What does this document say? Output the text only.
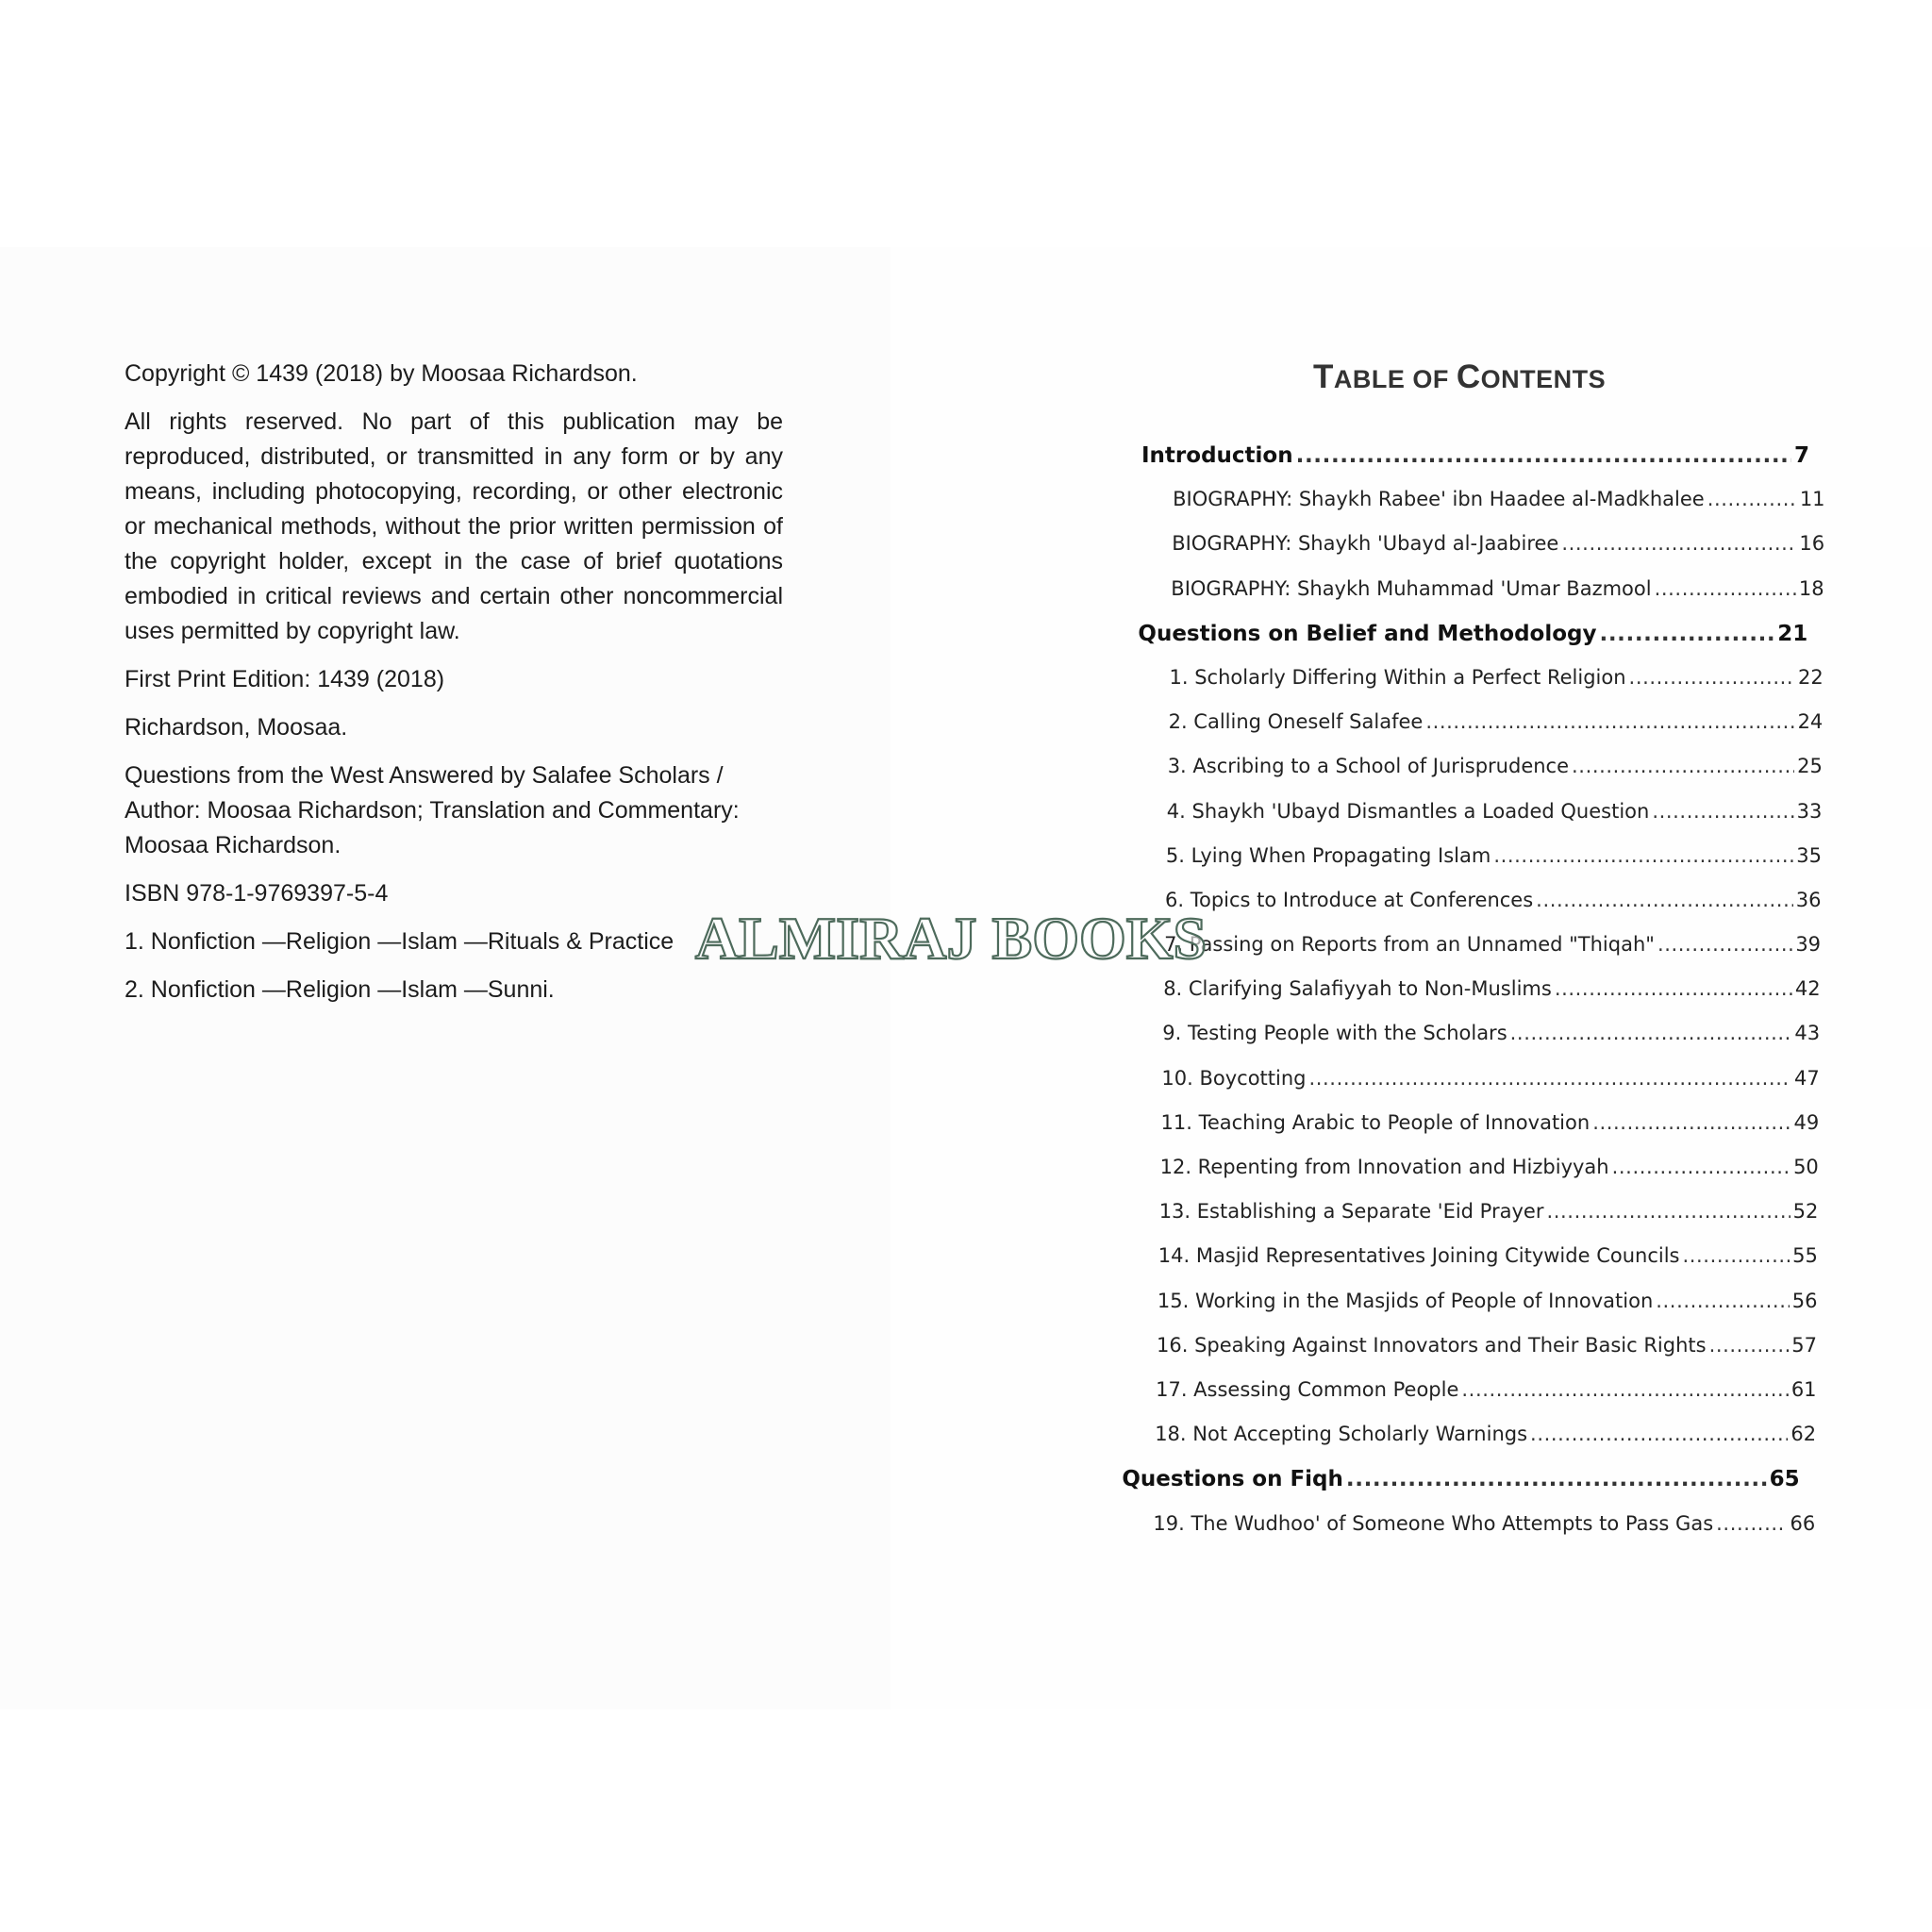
Copyright © 1439 (2018) by Moosaa Richardson.

All rights reserved. No part of this publication may be reproduced, distributed, or transmitted in any form or by any means, including photocopying, recording, or other electronic or mechanical methods, without the prior written permission of the copyright holder, except in the case of brief quotations embodied in critical reviews and certain other noncommercial uses permitted by copyright law.

First Print Edition: 1439 (2018)

Richardson, Moosaa.

Questions from the West Answered by Salafee Scholars / Author: Moosaa Richardson; Translation and Commentary: Moosaa Richardson.

ISBN 978-1-9769397-5-4

1. Nonfiction —Religion —Islam —Rituals & Practice

2. Nonfiction —Religion —Islam —Sunni.

TABLE OF CONTENTS
Introduction .....	7
BIOGRAPHY: Shaykh Rabee' ibn Haadee al-Madkhalee .....	11
BIOGRAPHY: Shaykh 'Ubayd al-Jaabiree .....	16
BIOGRAPHY: Shaykh Muhammad 'Umar Bazmool .....	18
Questions on Belief and Methodology .....	21
1. Scholarly Differing Within a Perfect Religion .....	22
2. Calling Oneself Salafee .....	24
3. Ascribing to a School of Jurisprudence .....	25
4. Shaykh 'Ubayd Dismantles a Loaded Question .....	33
5. Lying When Propagating Islam .....	35
6. Topics to Introduce at Conferences .....	36
7. Passing on Reports from an Unnamed "Thiqah" .....	39
8. Clarifying Salafiyyah to Non-Muslims .....	42
9. Testing People with the Scholars .....	43
10. Boycotting .....	47
11. Teaching Arabic to People of Innovation .....	49
12. Repenting from Innovation and Hizbiyyah .....	50
13. Establishing a Separate 'Eid Prayer .....	52
14. Masjid Representatives Joining Citywide Councils .....	55
15. Working in the Masjids of People of Innovation .....	56
16. Speaking Against Innovators and Their Basic Rights .....	57
17. Assessing Common People .....	61
18. Not Accepting Scholarly Warnings .....	62
Questions on Fiqh .....	65
19. The Wudhoo' of Someone Who Attempts to Pass Gas .....	66
ALMIRAJ BOOKS
